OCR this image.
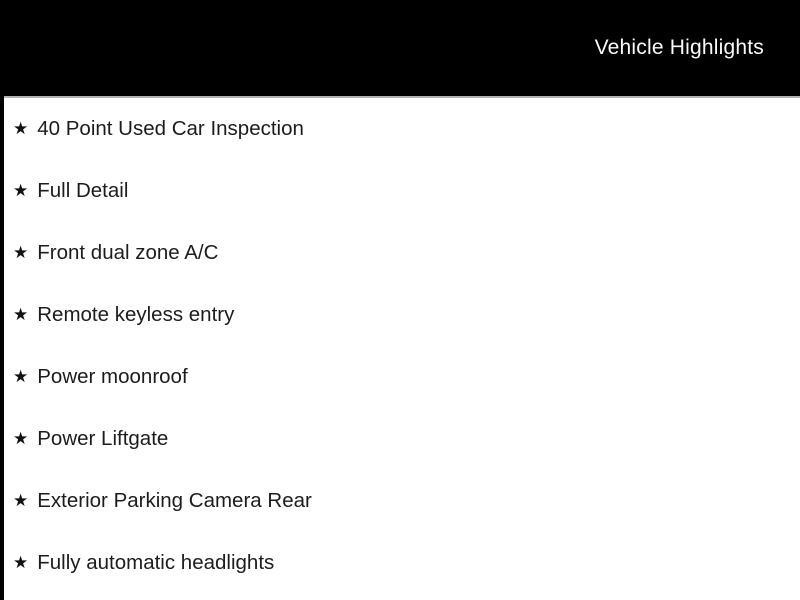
Vehicle Highlights
★ 40 Point Used Car Inspection
★ Full Detail
★ Front dual zone A/C
★ Remote keyless entry
★ Power moonroof
★ Power Liftgate
★ Exterior Parking Camera Rear
★ Fully automatic headlights
